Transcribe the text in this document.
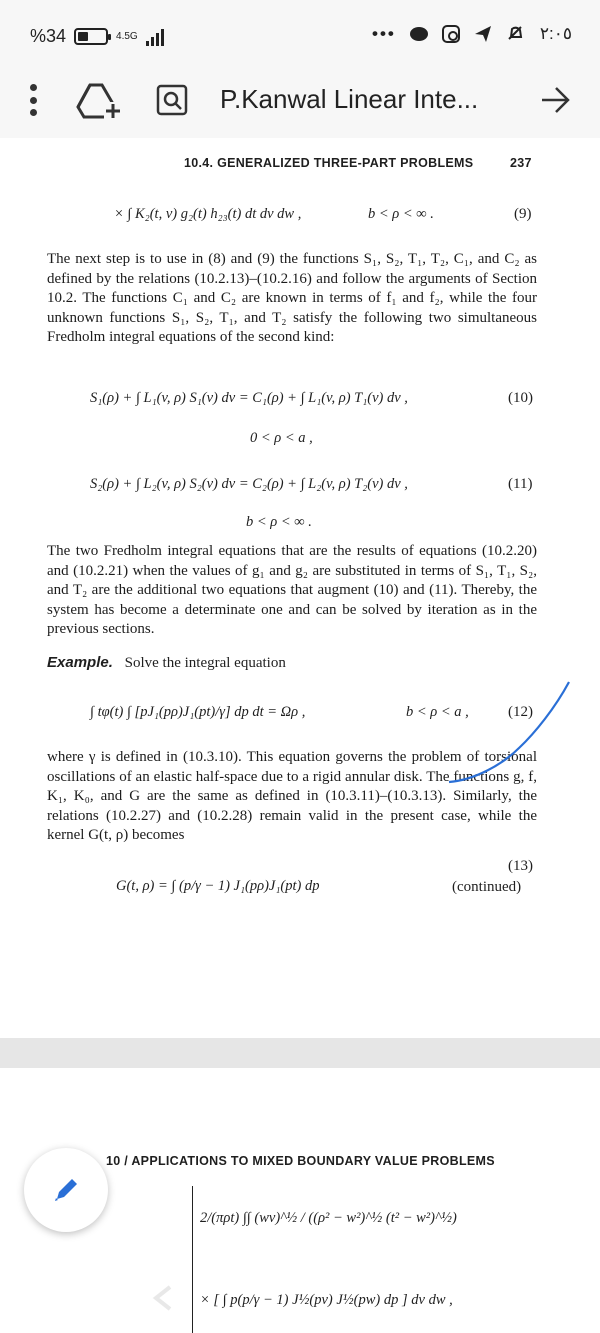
%34	4.5G	•••	٢:٠٥
P.Kanwal Linear Inte...
10.4. GENERALIZED THREE-PART PROBLEMS	237
× ∫ K₂(t, v) g₂(t) h₂₃(t) dt dv dw ,	b < ρ < ∞ .	(9)
The next step is to use in (8) and (9) the functions S₁, S₂, T₁, T₂, C₁, and C₂ as defined by the relations (10.2.13)–(10.2.16) and follow the arguments of Section 10.2. The functions C₁ and C₂ are known in terms of f₁ and f₂, while the four unknown functions S₁, S₂, T₁, and T₂ satisfy the following two simultaneous Fredholm integral equations of the second kind:
S₁(ρ) + ∫ L₁(v, ρ) S₁(v) dv = C₁(ρ) + ∫ L₁(v, ρ) T₁(v) dv ,	(10)
0 < ρ < a ,
S₂(ρ) + ∫ L₂(v, ρ) S₂(v) dv = C₂(ρ) + ∫ L₂(v, ρ) T₂(v) dv ,	(11)
b < ρ < ∞ .
The two Fredholm integral equations that are the results of equations (10.2.20) and (10.2.21) when the values of g₁ and g₂ are substituted in terms of S₁, T₁, S₂, and T₂ are the additional two equations that augment (10) and (11). Thereby, the system has become a determinate one and can be solved by iteration as in the previous sections.
Example. Solve the integral equation
∫ tφ(t) ∫ [pJ₁(pρ)J₁(pt)/γ] dp dt = Ωρ ,	b < ρ < a ,	(12)
where γ is defined in (10.3.10). This equation governs the problem of torsional oscillations of an elastic half-space due to a rigid annular disk. The functions g, f, K₁, K₀, and G are the same as defined in (10.3.11)–(10.3.13). Similarly, the relations (10.2.27) and (10.2.28) remain valid in the present case, while the kernel G(t, ρ) becomes
G(t, ρ) = ∫ (p/γ − 1) J₁(pρ)J₁(pt) dp
(13)
(continued)
10 / APPLICATIONS TO MIXED BOUNDARY VALUE PROBLEMS
2/(πρt) ∫∫ (wv)^½ / ((ρ² − w²)^½ (t² − w²)^½)
× [ ∫ p(p/γ − 1) J½(pv) J½(pw) dp ] dv dw ,
